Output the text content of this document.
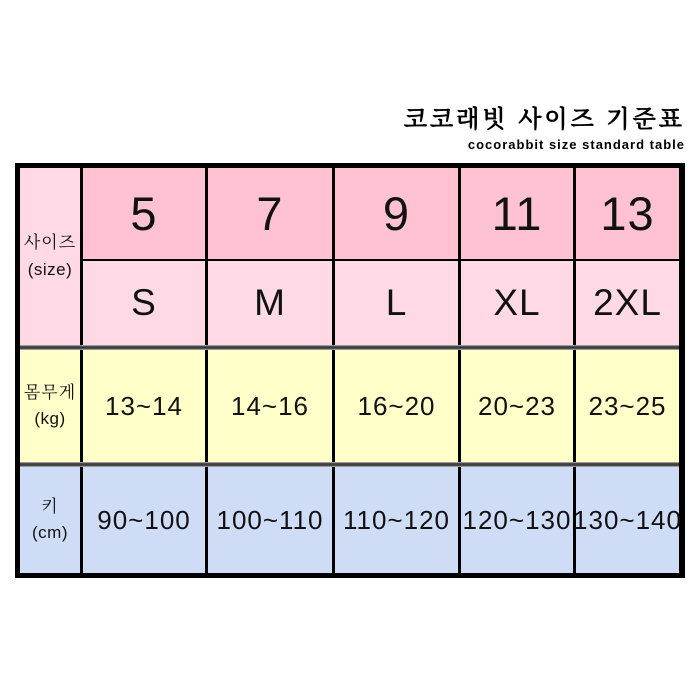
코코래빗 사이즈 기준표
cocorabbit size standard table
사이즈
(size)
5	7	9	11	13
S	M	L	XL	2XL
몸무게
(kg)	13~14	14~16	16~20	20~23	23~25
키
(cm)	90~100 100~110 110~120 120~130 130~140
